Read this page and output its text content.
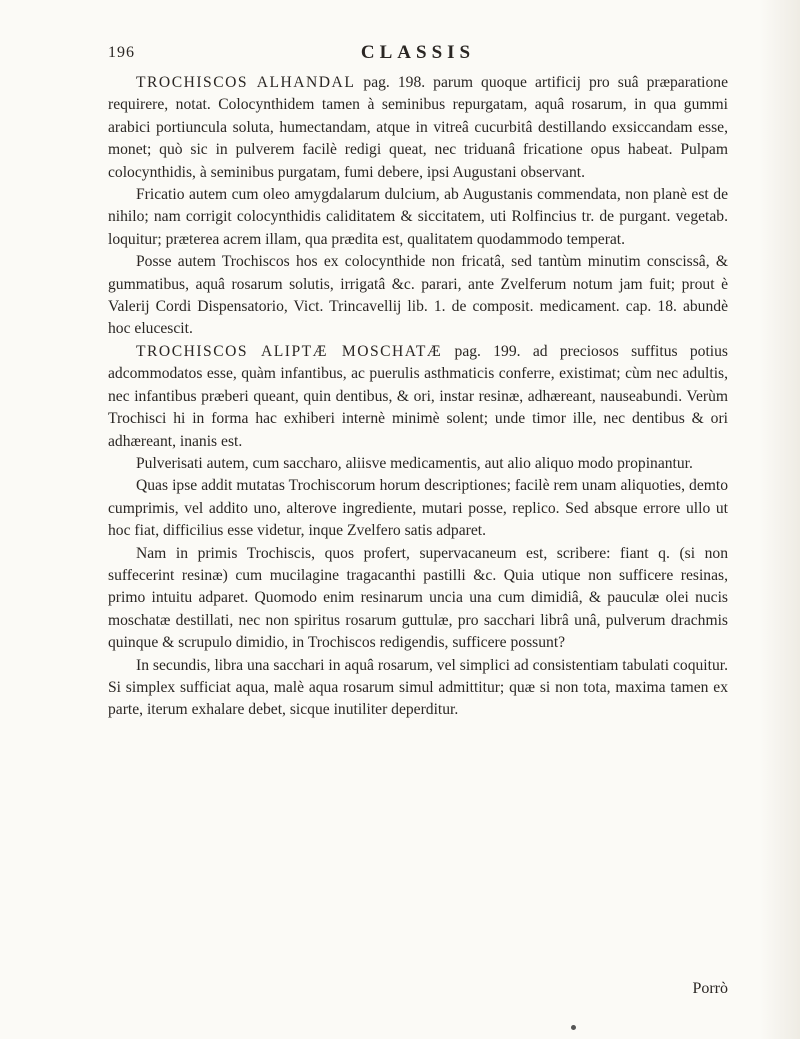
196	CLASSIS

TROCHISCOS ALHANDAL pag. 198. parum quoque artificij pro suâ præparatione requirere, notat. Colocynthidem tamen à seminibus repurgatam, aquâ rosarum, in qua gummi arabici portiuncula soluta, humectandam, atque in vitreâ cucurbitâ destillando exsiccandam esse, monet; quò sic in pulverem facilè redigi queat, nec triduanâ fricatione opus habeat. Pulpam colocynthidis, à seminibus purgatam, fumi debere, ipsi Augustani observant.

Fricatio autem cum oleo amygdalarum dulcium, ab Augustanis commendata, non planè est de nihilo; nam corrigit colocynthidis caliditatem & siccitatem, uti Rolfincius tr. de purgant. vegetab. loquitur; præterea acrem illam, qua prædita est, qualitatem quodammodo temperat.

Posse autem Trochiscos hos ex colocynthide non fricatâ, sed tantùm minutim conscissâ, & gummatibus, aquâ rosarum solutis, irrigatâ &c. parari, ante Zvelferum notum jam fuit; prout è Valerij Cordi Dispensatorio, Vict. Trincavellij lib. 1. de composit. medicament. cap. 18. abundè hoc elucescit.

TROCHISCOS ALIPTÆ MOSCHATÆ pag. 199. ad preciosos suffitus potius adcommodatos esse, quàm infantibus, ac puerulis asthmaticis conferre, existimat; cùm nec adultis, nec infantibus præberi queant, quin dentibus, & ori, instar resinæ, adhæreant, nauseabundi. Verùm Trochisci hi in forma hac exhiberi internè minimè solent; unde timor ille, nec dentibus & ori adhæreant, inanis est.

Pulverisati autem, cum saccharo, aliisve medicamentis, aut alio aliquo modo propinantur.

Quas ipse addit mutatas Trochiscorum horum descriptiones; facilè rem unam aliquoties, demto cumprimis, vel addito uno, alterove ingrediente, mutari posse, replico. Sed absque errore ullo ut hoc fiat, difficilius esse videtur, inque Zvelfero satis adparet.

Nam in primis Trochiscis, quos profert, supervacaneum est, scribere: fiant q. (si non suffecerint resinæ) cum mucilagine tragacanthi pastilli &c. Quia utique non sufficere resinas, primo intuitu adparet. Quomodo enim resinarum uncia una cum dimidiâ, & pauculæ olei nucis moschatæ destillati, nec non spiritus rosarum guttulæ, pro sacchari librâ unâ, pulverum drachmis quinque & scrupulo dimidio, in Trochiscos redigendis, sufficere possunt?

In secundis, libra una sacchari in aquâ rosarum, vel simplici ad consistentiam tabulati coquitur. Si simplex sufficiat aqua, malè aqua rosarum simul admittitur; quæ si non tota, maxima tamen ex parte, iterum exhalare debet, sicque inutiliter deperditur.

Porrò
